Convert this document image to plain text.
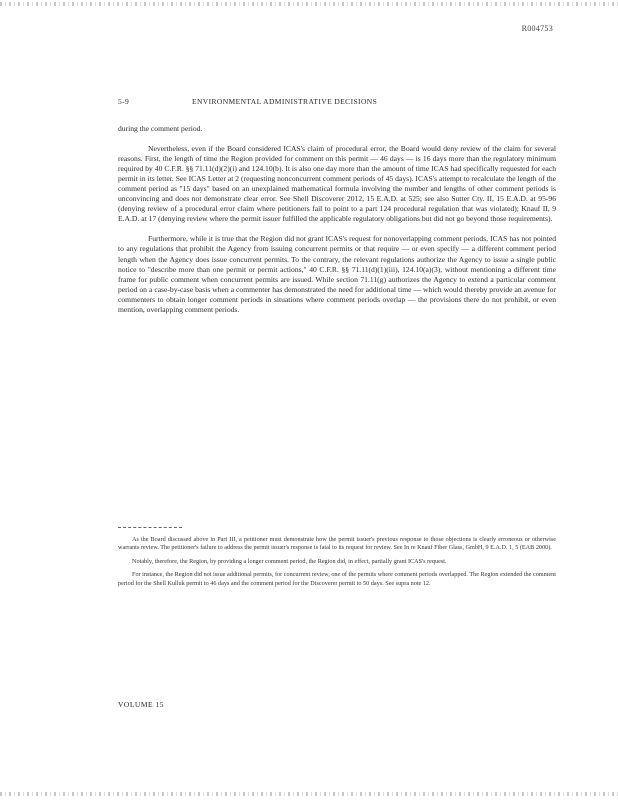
R004753
5-9	ENVIRONMENTAL ADMINISTRATIVE DECISIONS

during the comment period.

Nevertheless, even if the Board considered ICAS's claim of procedural error, the Board would deny review of the claim for several reasons. First, the length of time the Region provided for comment on this permit — 46 days — is 16 days more than the regulatory minimum required by 40 C.F.R. §§ 71.11(d)(2)(i) and 124.10(b). It is also one day more than the amount of time ICAS had specifically requested for each permit in its letter. See ICAS Letter at 2 (requesting nonconcurrent comment periods of 45 days). ICAS's attempt to recalculate the length of the comment period as "15 days" based on an unexplained mathematical formula involving the number and lengths of other comment periods is unconvincing and does not demonstrate clear error. See Shell Discoverer 2012, 15 E.A.D. at 525; see also Sutter Cty. II, 15 E.A.D. at 95-96 (denying review of a procedural error claim where petitioners fail to point to a part 124 procedural regulation that was violated); Knauf II, 9 E.A.D. at 17 (denying review where the permit issuer fulfilled the applicable regulatory obligations but did not go beyond those requirements).

Furthermore, while it is true that the Region did not grant ICAS's request for nonoverlapping comment periods, ICAS has not pointed to any regulations that prohibit the Agency from issuing concurrent permits or that require — or even specify — a different comment period length when the Agency does issue concurrent permits. To the contrary, the relevant regulations authorize the Agency to issue a single public notice to "describe more than one permit or permit actions," 40 C.F.R. §§ 71.11(d)(1)(iii), 124.10(a)(3), without mentioning a different time frame for public comment when concurrent permits are issued. While section 71.11(g) authorizes the Agency to extend a particular comment period on a case-by-case basis when a commenter has demonstrated the need for additional time — which would thereby provide an avenue for commenters to obtain longer comment periods in situations where comment periods overlap — the provisions there do not prohibit, or even mention, overlapping comment periods.

As the Board discussed above in Part III, a petitioner must demonstrate how the permit issuer's previous response to those objections is clearly erroneous or otherwise warrants review. The petitioner's failure to address the permit issuer's response is fatal to its request for review. See In re Knauf Fiber Glass, GmbH, 9 E.A.D. 1, 5 (EAB 2000).

Notably, therefore, the Region, by providing a longer comment period, the Region did, in effect, partially grant ICAS's request.

For instance, the Region did not issue additional permits, for concurrent review, one of the permits where comment periods overlapped. The Region extended the comment period for the Shell Kulluk permit to 46 days and the comment period for the Discoverer permit to 50 days. See supra note 12.

VOLUME 15
